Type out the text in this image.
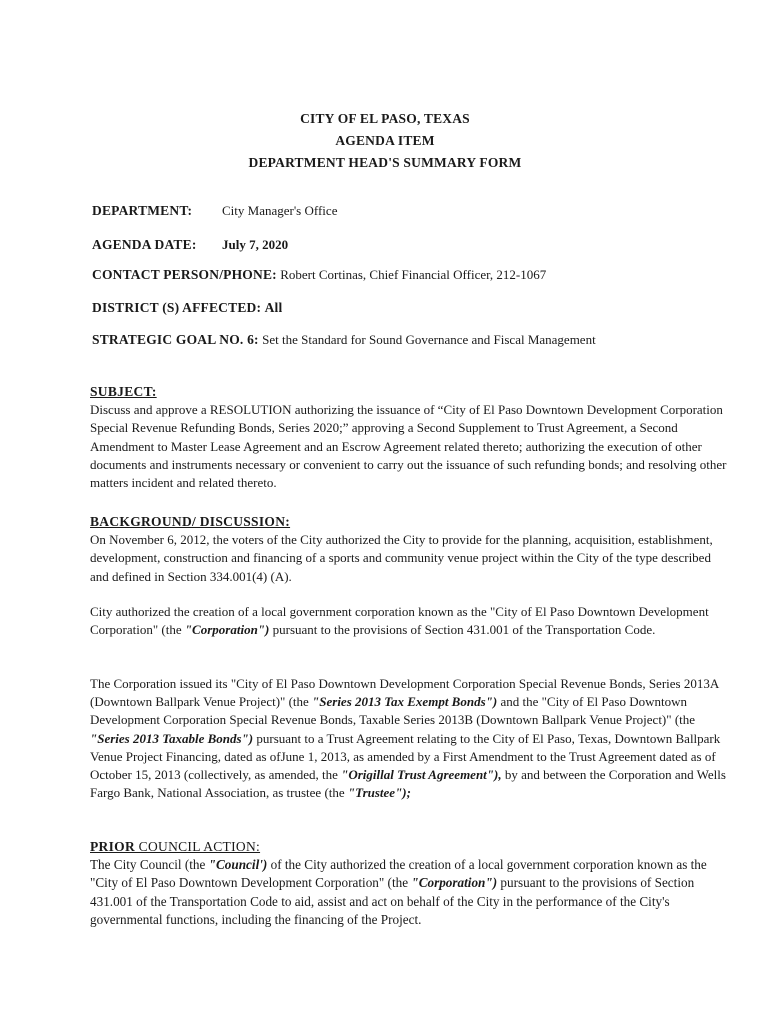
CITY OF EL PASO, TEXAS
AGENDA ITEM
DEPARTMENT HEAD'S SUMMARY FORM
DEPARTMENT: City Manager's Office
AGENDA DATE: July 7, 2020
CONTACT PERSON/PHONE: Robert Cortinas, Chief Financial Officer, 212-1067
DISTRICT (S) AFFECTED: All
STRATEGIC GOAL NO. 6: Set the Standard for Sound Governance and Fiscal Management
SUBJECT:

Discuss and approve a RESOLUTION authorizing the issuance of “City of El Paso Downtown Development Corporation Special Revenue Refunding Bonds, Series 2020;” approving a Second Supplement to Trust Agreement, a Second Amendment to Master Lease Agreement and an Escrow Agreement related thereto; authorizing the execution of other documents and instruments necessary or convenient to carry out the issuance of such refunding bonds; and resolving other matters incident and related thereto.

BACKGROUND/ DISCUSSION:

On November 6, 2012, the voters of the City authorized the City to provide for the planning, acquisition, establishment, development, construction and financing of a sports and community venue project within the City of the type described and defined in Section 334.001(4) (A).

City authorized the creation of a local government corporation known as the "City of El Paso Downtown Development Corporation" (the "Corporation") pursuant to the provisions of Section 431.001 of the Transportation Code.

The Corporation issued its "City of El Paso Downtown Development Corporation Special Revenue Bonds, Series 2013A (Downtown Ballpark Venue Project)" (the "Series 2013 Tax Exempt Bonds") and the "City of El Paso Downtown Development Corporation Special Revenue Bonds, Taxable Series 2013B (Downtown Ballpark Venue Project)" (the "Series 2013 Taxable Bonds") pursuant to a Trust Agreement relating to the City of El Paso, Texas, Downtown Ballpark Venue Project Financing, dated as ofJune 1, 2013, as amended by a First Amendment to the Trust Agreement dated as of October 15, 2013 (collectively, as amended, the "Origillal Trust Agreement"), by and between the Corporation and Wells Fargo Bank, National Association, as trustee (the "Trustee");

PRIOR COUNCIL ACTION:

The City Council (the "Council') of the City authorized the creation of a local government corporation known as the "City of El Paso Downtown Development Corporation" (the "Corporation") pursuant to the provisions of Section 431.001 of the Transportation Code to aid, assist and act on behalf of the City in the performance of the City's governmental functions, including the financing of the Project.
